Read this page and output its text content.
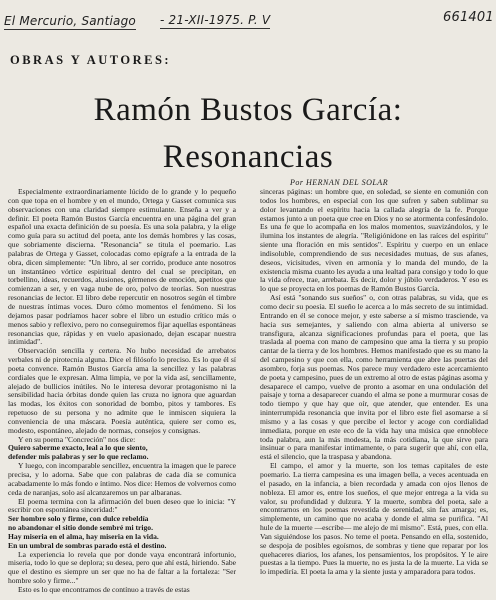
El Mercurio, Santiago - 21-XII-1975. P. V	661401
OBRAS Y AUTORES:
Ramón Bustos García:
Resonancias
Por HERNAN DEL SOLAR

Especialmente extraordinariamente lúcido de lo grande y lo pequeño con que topa en el hombre y en el mundo, Ortega y Gasset comunica sus observaciones con una claridad siempre estimulante. Enseña a ver y a definir. El poeta Ramón Bustos García encuentra en una página del gran español una exacta definición de su poesía. Es una sola palabra, y la elige como guía para su actitud del poeta, ante los demás hombres y las cosas, que sobriamente discierna. "Resonancia" se titula el poemario. Las palabras de Ortega y Gasset, colocadas como epígrafe a la entrada de la obra, dicen simplemente: "Un libro, al ser corrido, produce ante nosotros un instantáneo vórtice espiritual dentro del cual se precipitan, en torbellino, ideas, recuerdos, alusiones, gérmenes de emoción, apetitos que comienzan a ser, y en vaga nube de oro, polvo de teorías. Son nuestras resonancias de lector. El libro debe repercutir en nosotros según el timbre de nuestras íntimas voces. Duro cómo momentos el fenómeno. Si los dejamos pasar podríamos hacer sobre el libro un estudio crítico más o menos sabio y reflexivo, pero no conseguiremos fijar aquellas espontáneas resonancias que, rápidas y en vuelo apasionado, dejan escapar nuestra intimidad".

Observación sencilla y certera. No hubo necesidad de arrebatos verbales ni de pirotecnia alguna. Dice el filósofo lo preciso. Es lo que él sí poeta convence. Ramón Bustos García ama la sencillez y las palabras cordiales que le expresan. Alma limpia, ve por la vida así, sencillamente, alejado de bullicios inútiles. No le interesa devorar protagonismo ni la sensibilidad hacia órbitas donde quien las cruza no ignora que aguardan las modas, los éxitos con sonoridad de bombo, pitos y tambores. Es repetuoso de su persona y no admite que le inmiscen siquiera la conveniencia de una máscara. Poesía auténtica, quiere ser como es, modesto, espontáneo, alejado de normas, consejos y consignas.

Y en su poema "Concreción" nos dice:

Quiero saberme exacto, leal a lo que siento,

defender mis palabras y ser lo que reclamo.

Y luego, con incomparable sencillez, encuentra la imagen que le parece precisa, y lo adorna. Sabe que con palabras de cada día se comunica acabadamente lo más fondo e íntimo. Nos dice: Hemos de volvernos como ceda de naranjas, solo así alcanzaremos un par albaranas.

El poema termina con la afirmación del buen deseo que lo inicia: "Y escribir con espontánea sinceridad:"

Ser hombre solo y firme, con dulce rebeldía

no abandonar el sitio donde sembré mi trigo.

Hay miseria en el alma, hay miseria en la vida.

En un umbral de sombras parado está el destino.

La experiencia lo revela que por donde vaya encontrará infortunio, miseria, todo lo que se deplora; su desea, pero que ahí está, hiriendo. Sabe que el destino es siempre un ser que no ha de faltar a la fortaleza: "Ser hombre solo y firme..."

Esto es lo que encontramos de contínuo a través de estas

sinceras páginas: un hombre que, en soledad, se siente en comunión con todos los hombres, en especial con los que sufren y saben sublimar su dolor levantando el espíritu hacia la callada alegría de la fe. Porque estamos junto a un poeta que cree en Dios y no se atormenta confesándolo. Es una fe que lo acompaña en los malos momentos, suavizándolos, y le ilumina los instantes de alegría. "Religiónidone en las raíces del espíritu" siente una floración en mis sentidos". Espíritu y cuerpo en un enlace indisoluble, comprendiendo de sus necesidades mutuas, de sus afanes, deseos, vicisitudes, viven en armonía y lo manda del mundo, de la existencia misma cuanto les ayuda a una lealtad para consigo y todo lo que la vida ofrece, trae, arrebata. Es decir, dolor y júbilo verdaderos. Y eso es lo que se proyecta en los poemas de Ramón Bustos García.

Así está "sonando sus sueños" o, con otras palabras, su vida, que es como decir su poesía. El sueño le acerca a lo más secreto de su intimidad. Entrando en él se conoce mejor, y este saberse a sí mismo trasciende, va hacia sus semejantes, y saliendo con alma abierta al universo se transfigura, alcanza significaciones profundas para el poeta, que las traslada al poema con mano de campesino que ama la tierra y su propio cantar de la tierra y de los hombres. Hemos manifestado que es su mano la del campesino y que con ella, como herramienta que abre las puertas del asombro, forja sus poemas. Nos parece muy verdadero este acercamiento de poeta y campesino, pues de un extremo al otro de estas páginas asoma y desaparece el campo, vuelve de pronto a asomar en una ondulación del paisaje y torna a desaparecer cuando el alma se pone a murmurar cosas de todo tiempo y que hay que oír, que atender, que entender. Es una ininterrumpida resonancia que invita por el libro este fiel asomarse a sí mismo y a las cosas y que percibe el lector y acoge con cordialidad inmediata, porque en este eco de la vida hay una música que ennoblece toda palabra, aun la más modesta, la más cotidiana, la que sirve para insinuar o para manifestar intimamente, o para sugerir que ahí, con ella, está el silencio, que la traspasa y abandona.

El campo, el amor y la muerte, son los temas capitales de este poemario. La tierra campesina es una imagen bella, a veces acentuada en el pasado, en la infancia, a bien recordada y amada con ojos llenos de nobleza. El amor es, entre los sueños, el que mejor entrega a la vida su valor, su profundidad y dulzura. Y la muerte, sombra del poeta, sale a encontrarnos en los poemas revestida de serenidad, sin fax amarga; es, simplemente, un camino que no acaba y donde el alma se purifica. "Al hule de la muerte —escribe— me alejo de mi mismo". Está, pues, con ella. Van siguiéndose los pasos. No teme el poeta. Pensando en ella, sostenido, se despoja de posibles egoísmos, de sombras y tiene que reparar por los quehaceres diarios, los afanes, los pensamientos, los propósitos. Y le aire puestas a la tiempo. Pues la muerte, no es justa la de la muerte. La vida se lo impediría. El poeta la ama y la siente justa y amparadora para todos.
